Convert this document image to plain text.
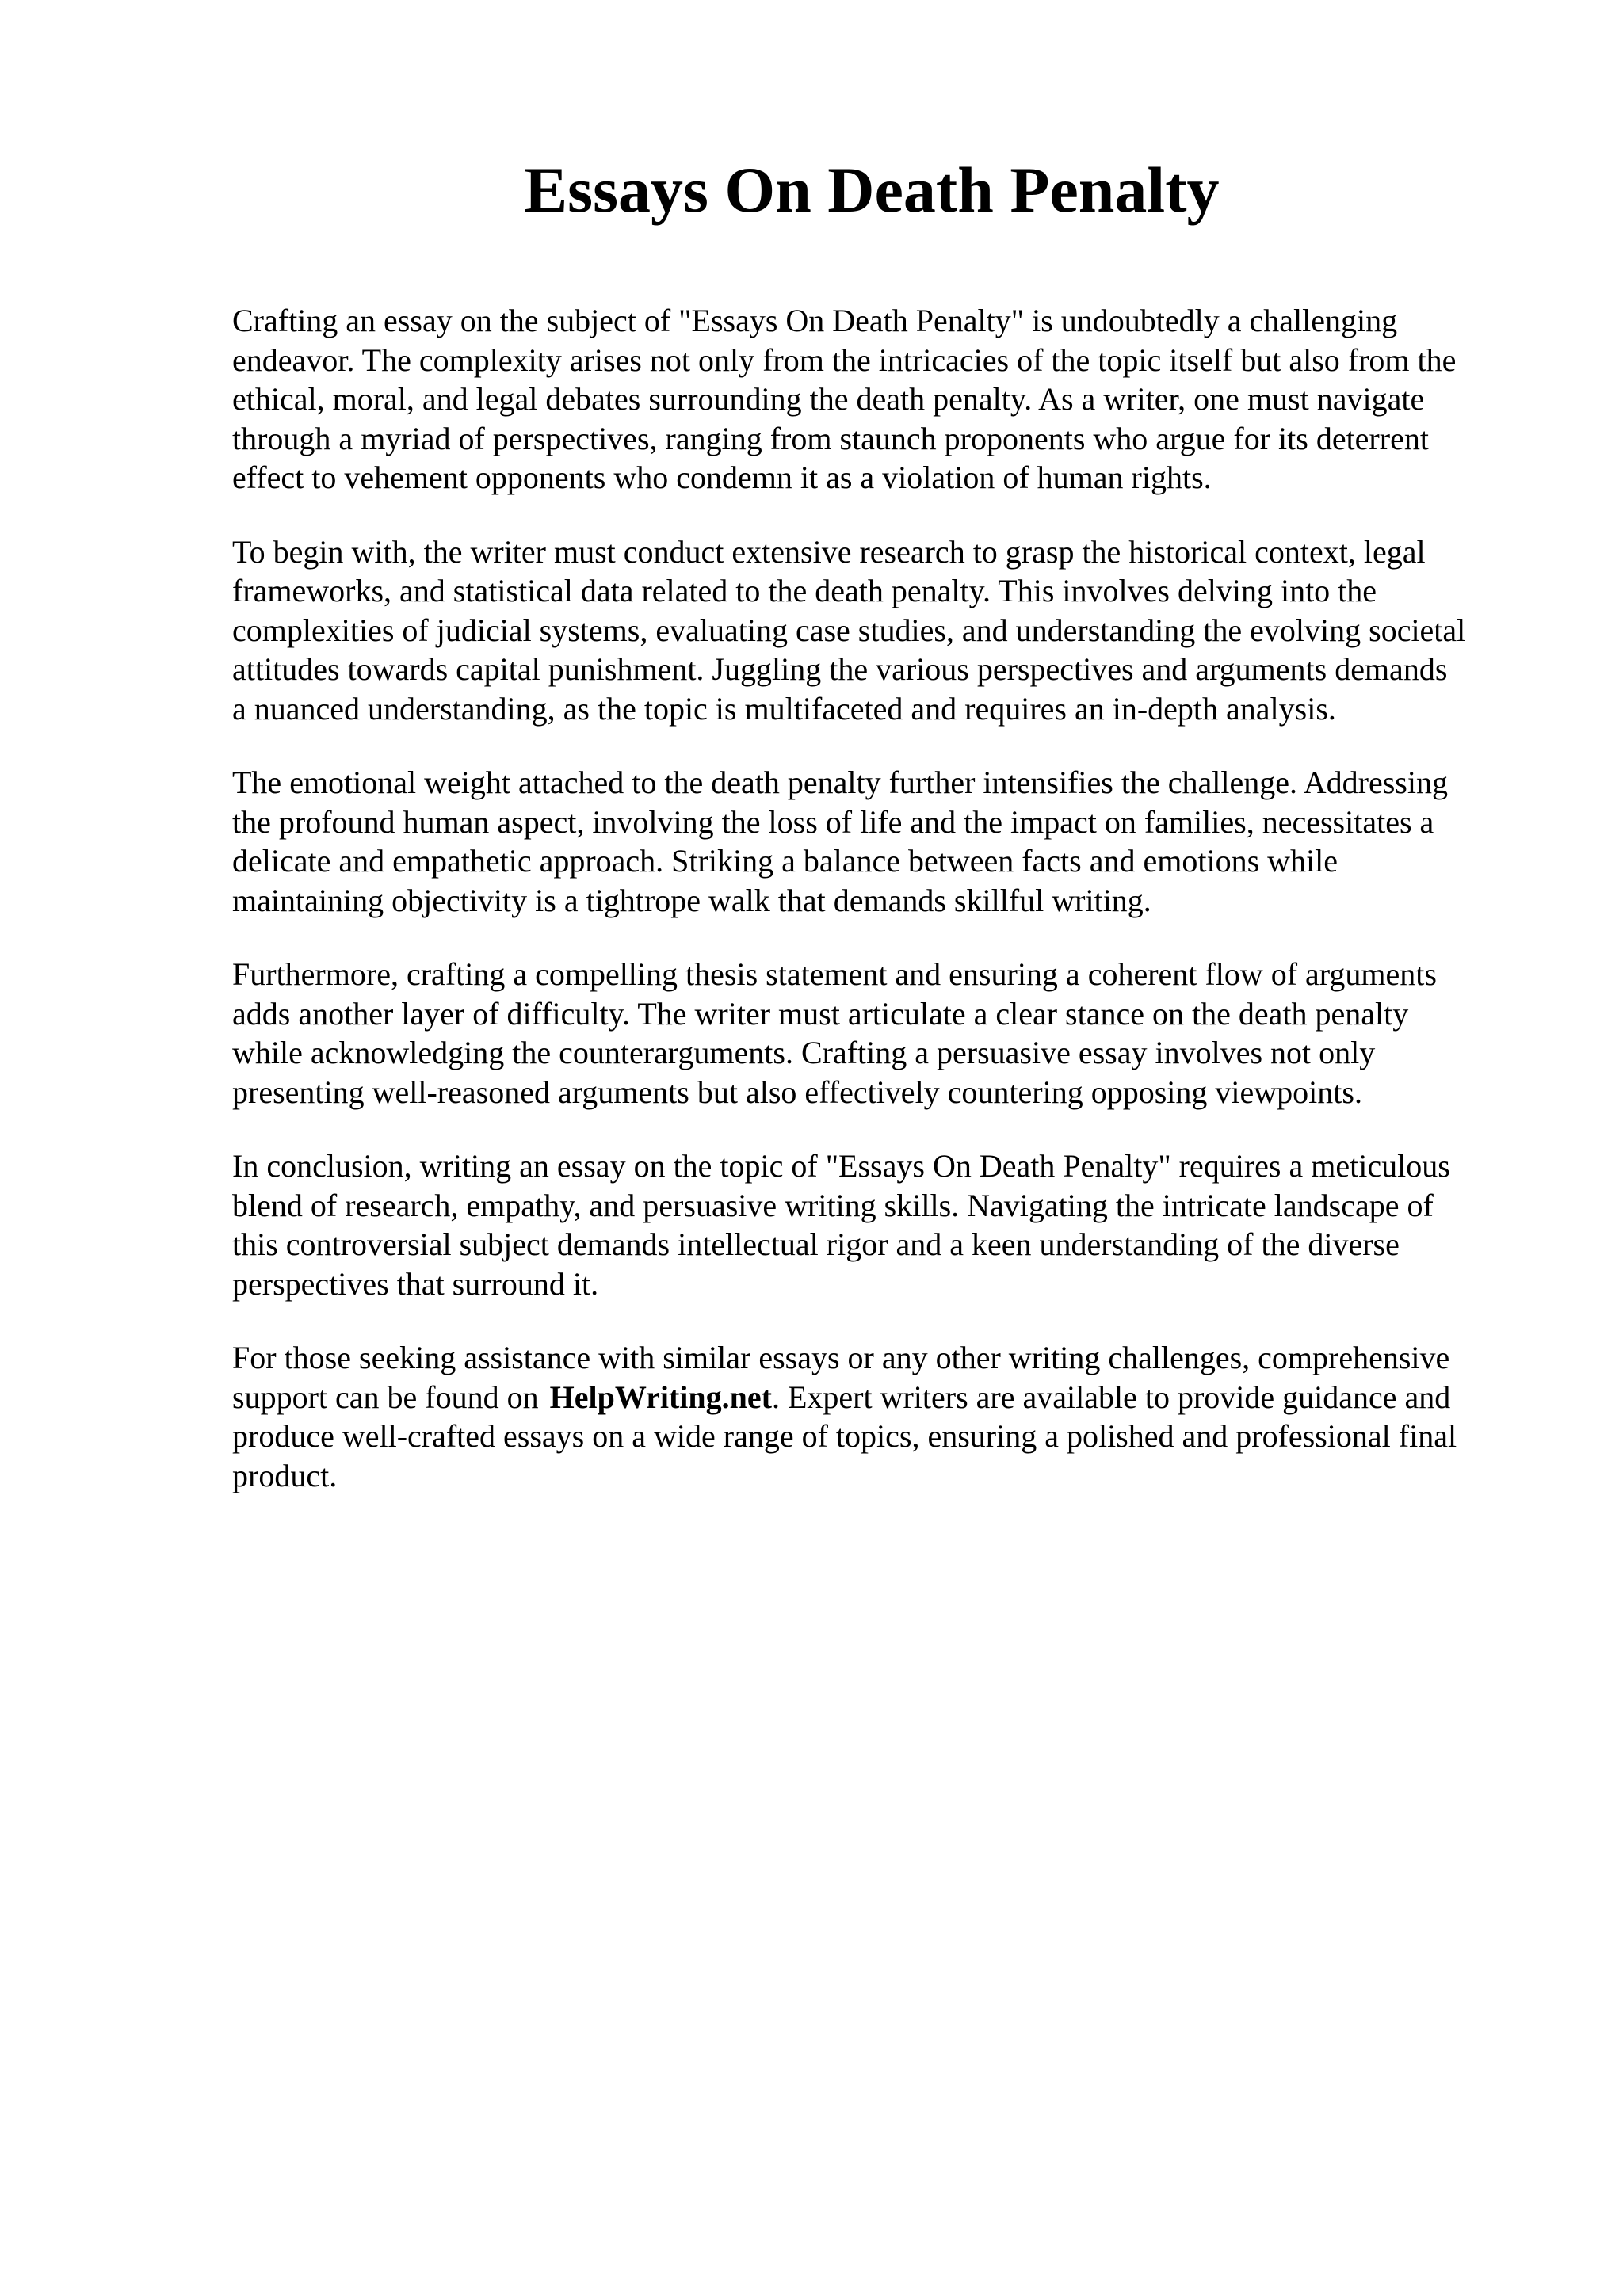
Essays On Death Penalty

Crafting an essay on the subject of "Essays On Death Penalty" is undoubtedly a challenging
endeavor. The complexity arises not only from the intricacies of the topic itself but also from the
ethical, moral, and legal debates surrounding the death penalty. As a writer, one must navigate
through a myriad of perspectives, ranging from staunch proponents who argue for its deterrent
effect to vehement opponents who condemn it as a violation of human rights.

To begin with, the writer must conduct extensive research to grasp the historical context, legal
frameworks, and statistical data related to the death penalty. This involves delving into the
complexities of judicial systems, evaluating case studies, and understanding the evolving societal
attitudes towards capital punishment. Juggling the various perspectives and arguments demands
a nuanced understanding, as the topic is multifaceted and requires an in-depth analysis.

The emotional weight attached to the death penalty further intensifies the challenge. Addressing
the profound human aspect, involving the loss of life and the impact on families, necessitates a
delicate and empathetic approach. Striking a balance between facts and emotions while
maintaining objectivity is a tightrope walk that demands skillful writing.

Furthermore, crafting a compelling thesis statement and ensuring a coherent flow of arguments
adds another layer of difficulty. The writer must articulate a clear stance on the death penalty
while acknowledging the counterarguments. Crafting a persuasive essay involves not only
presenting well-reasoned arguments but also effectively countering opposing viewpoints.

In conclusion, writing an essay on the topic of "Essays On Death Penalty" requires a meticulous
blend of research, empathy, and persuasive writing skills. Navigating the intricate landscape of
this controversial subject demands intellectual rigor and a keen understanding of the diverse
perspectives that surround it.

For those seeking assistance with similar essays or any other writing challenges, comprehensive
support can be found on HelpWriting.net. Expert writers are available to provide guidance and
produce well-crafted essays on a wide range of topics, ensuring a polished and professional final
product.
